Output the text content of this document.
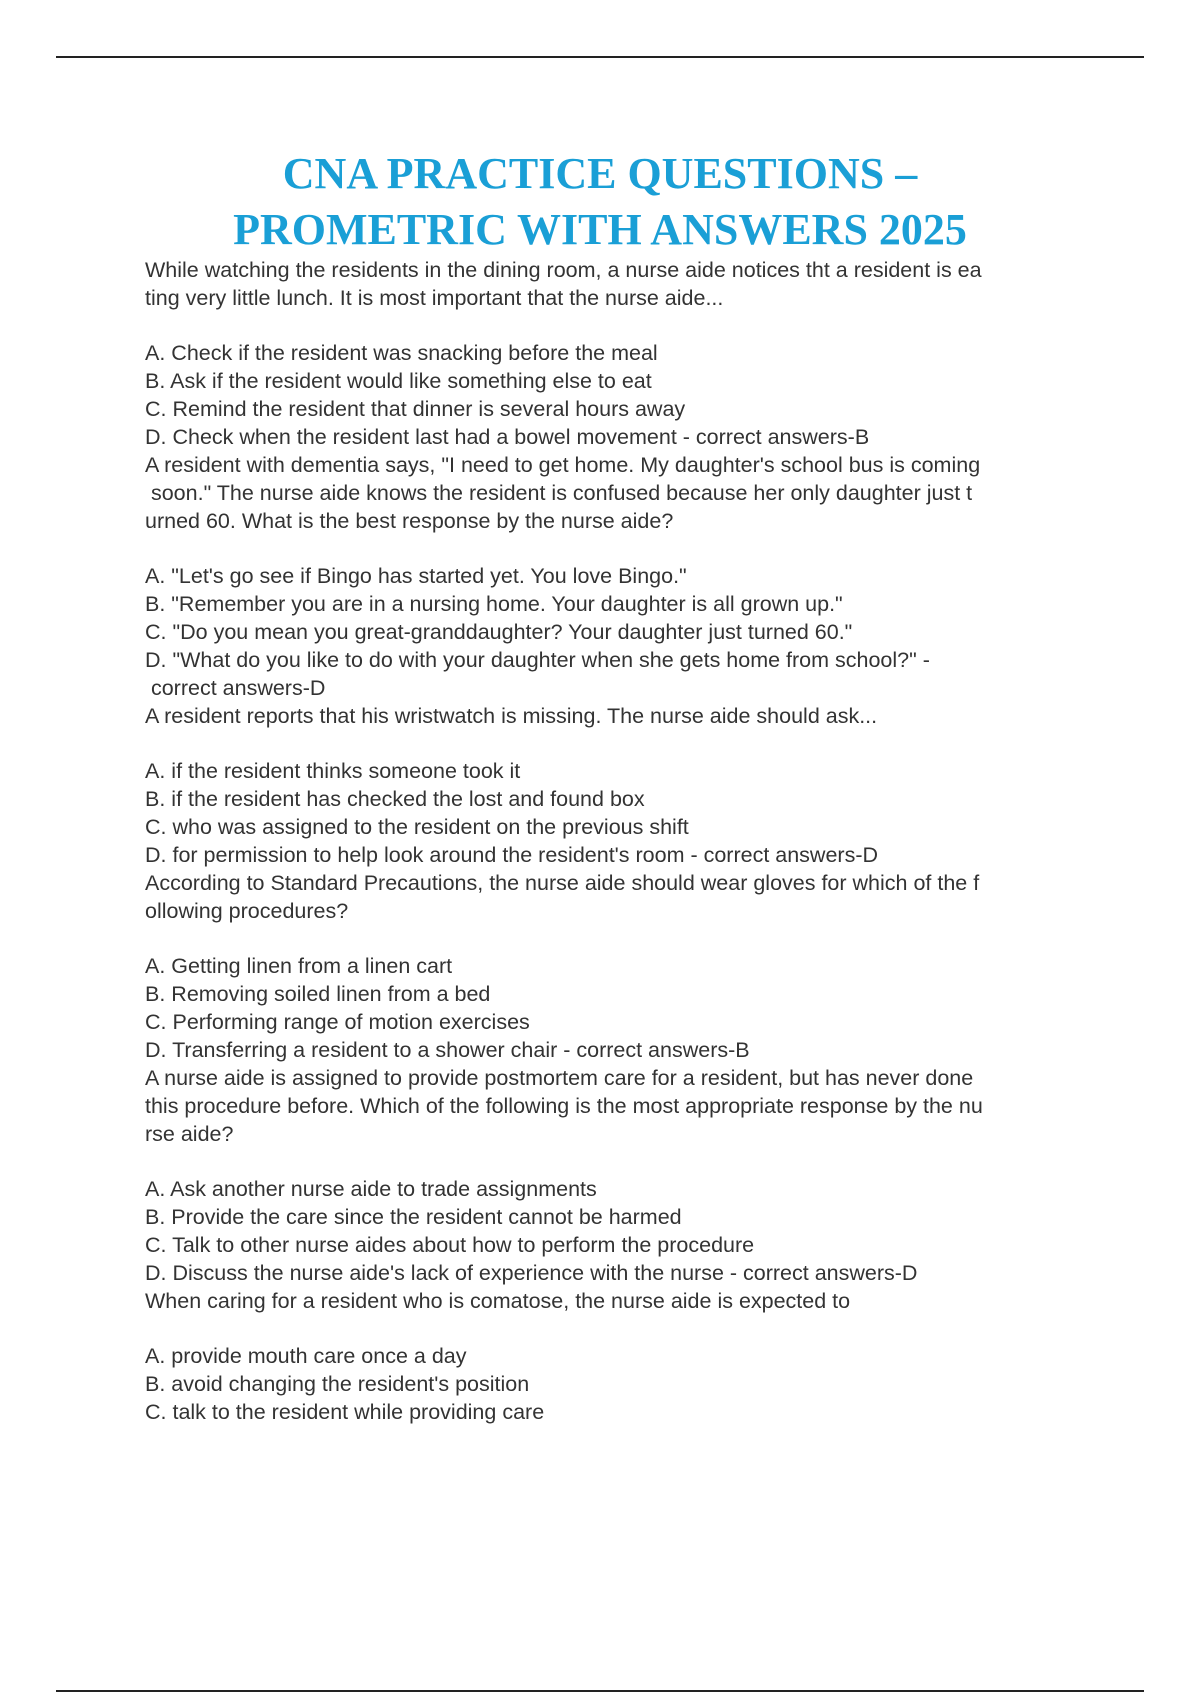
CNA PRACTICE QUESTIONS –
PROMETRIC WITH ANSWERS 2025
While watching the residents in the dining room, a nurse aide notices tht a resident is ea
ting very little lunch. It is most important that the nurse aide...
A. Check if the resident was snacking before the meal
B. Ask if the resident would like something else to eat
C. Remind the resident that dinner is several hours away
D. Check when the resident last had a bowel movement - correct answers-B
A resident with dementia says, "I need to get home. My daughter's school bus is coming
soon." The nurse aide knows the resident is confused because her only daughter just t
urned 60. What is the best response by the nurse aide?
A. "Let's go see if Bingo has started yet. You love Bingo."
B. "Remember you are in a nursing home. Your daughter is all grown up."
C. "Do you mean you great-granddaughter? Your daughter just turned 60."
D. "What do you like to do with your daughter when she gets home from school?" -
correct answers-D
A resident reports that his wristwatch is missing. The nurse aide should ask...
A. if the resident thinks someone took it
B. if the resident has checked the lost and found box
C. who was assigned to the resident on the previous shift
D. for permission to help look around the resident's room - correct answers-D
According to Standard Precautions, the nurse aide should wear gloves for which of the f
ollowing procedures?
A. Getting linen from a linen cart
B. Removing soiled linen from a bed
C. Performing range of motion exercises
D. Transferring a resident to a shower chair - correct answers-B
A nurse aide is assigned to provide postmortem care for a resident, but has never done
this procedure before. Which of the following is the most appropriate response by the nu
rse aide?
A. Ask another nurse aide to trade assignments
B. Provide the care since the resident cannot be harmed
C. Talk to other nurse aides about how to perform the procedure
D. Discuss the nurse aide's lack of experience with the nurse - correct answers-D
When caring for a resident who is comatose, the nurse aide is expected to
A. provide mouth care once a day
B. avoid changing the resident's position
C. talk to the resident while providing care
